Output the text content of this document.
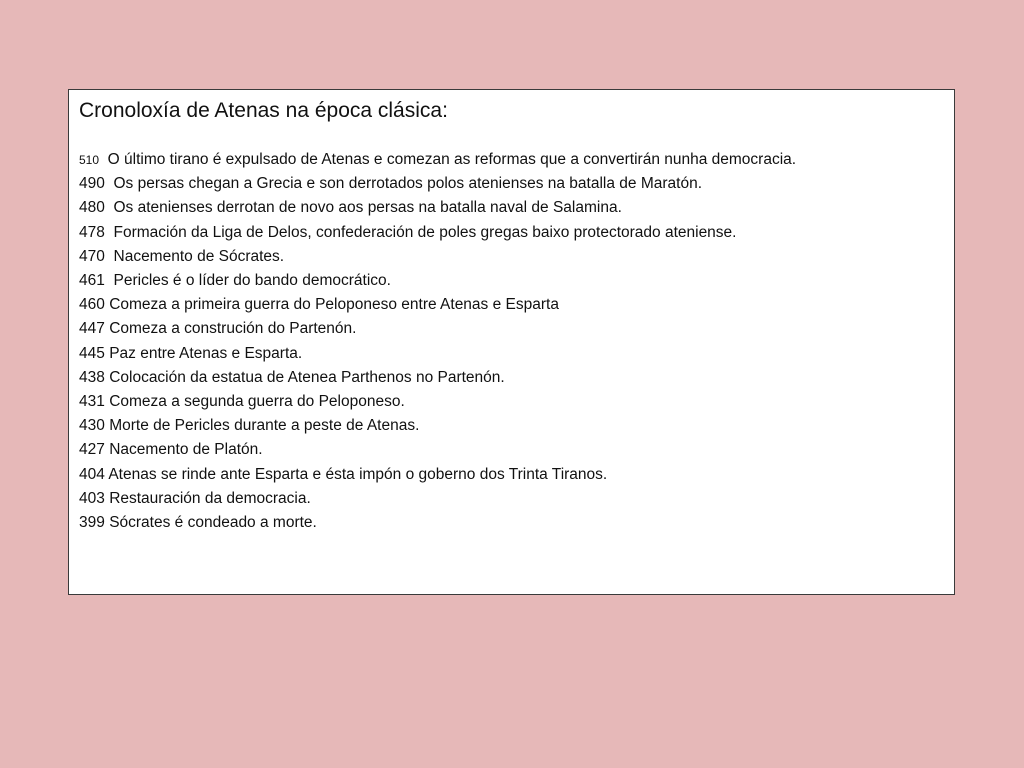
Cronoloxía de Atenas na época clásica:
510 O último tirano é expulsado de Atenas e comezan as reformas que a convertirán nunha democracia.
490 Os persas chegan a Grecia e son derrotados polos atenienses na batalla de Maratón.
480 Os atenienses derrotan de novo aos persas na batalla naval de Salamina.
478 Formación da Liga de Delos, confederación de poles gregas baixo protectorado ateniense.
470 Nacemento de Sócrates.
461 Pericles é o líder do bando democrático.
460 Comeza a primeira guerra do Peloponeso entre Atenas e Esparta
447 Comeza a construción do Partenón.
445 Paz entre Atenas e Esparta.
438 Colocación da estatua de Atenea Parthenos no Partenón.
431 Comeza a segunda guerra do Peloponeso.
430 Morte de Pericles durante a peste de Atenas.
427 Nacemento de Platón.
404 Atenas se rinde ante Esparta e ésta impón o goberno dos Trinta Tiranos.
403 Restauración da democracia.
399 Sócrates é condeado a morte.
